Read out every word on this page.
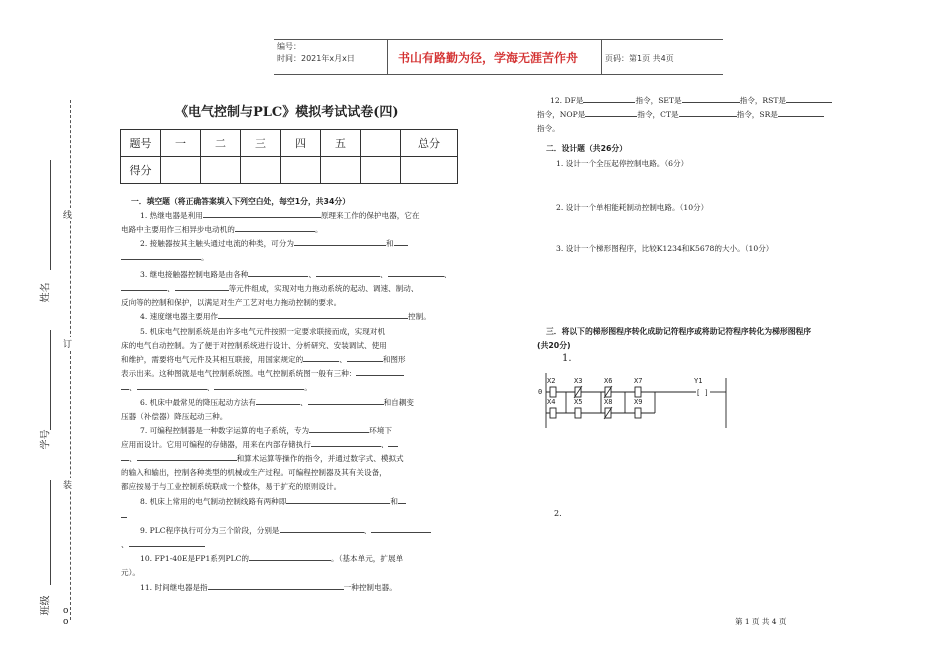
编号：
时间：2021年x月x日	书山有路勤为径，学海无涯苦作舟	页码：第1页 共4页
线
订
装
姓名
学号
班级 o
o
《电气控制与PLC》模拟考试试卷(四)
题号	一	二	三	四	五		总分
得分							
一．填空题（将正确答案填入下列空白处，每空1分，共34分）
1. 热继电器是利用	原理来工作的保护电器，它在
电路中主要用作三相异步电动机的	。
2. 接触器按其主触头通过电流的种类，可分为	和
。
3. 继电接触器控制电路是由各种	、	、	、
、	等元件组成，实现对电力拖动系统的起动、调速、制动、
反向等的控制和保护，以满足对生产工艺对电力拖动控制的要求。
4. 速度继电器主要用作	控制。
5. 机床电气控制系统是由许多电气元件按照一定要求联接而成，实现对机
床的电气自动控制。为了便于对控制系统进行设计、分析研究、安装调试、使用
和维护，需要将电气元件及其相互联接，用国家规定的	、	和图形
表示出来。这种图就是电气控制系统图。电气控制系统图一般有三种：
、	、	。
6. 机床中最常见的降压起动方法有	、	和自耦变
压器（补偿器）降压起动三种。
7. 可编程控制器是一种数字运算的电子系统，专为	环境下
应用而设计。它用可编程的存储器，用来在内部存储执行	、
、	和算术运算等操作的指令，并通过数字式、模拟式
的输入和输出，控制各种类型的机械或生产过程。可编程控制器及其有关设备，
都应按易于与工业控制系统联成一个整体，易于扩充的原则设计。
8. 机床上常用的电气制动控制线路有两种即	和
9. PLC程序执行可分为三个阶段，分别是	、
、
10. FP1-40E是FP1系列PLC的	。（基本单元，扩展单
元）。
11. 时间继电器是指	一种控制电器。
12. DF是	指令，SET是	指令，RST是
指令，NOP是	指令，CT是	指令，SR是
指令。
二．设计题（共26分）
1. 设计一个全压起停控制电路。（6分）
2. 设计一个单相能耗制动控制电路。（10分）
3. 设计一个梯形图程序，比较K1234和K5678的大小。（10分）
三．将以下的梯形图程序转化成助记符程序或将助记符程序转化为梯形图程序
(共20分)
1.
0
X2	X3	X6	X7	Y1
[ ]
X4	X5	X8	X9
2.
第 1 页 共 4 页
